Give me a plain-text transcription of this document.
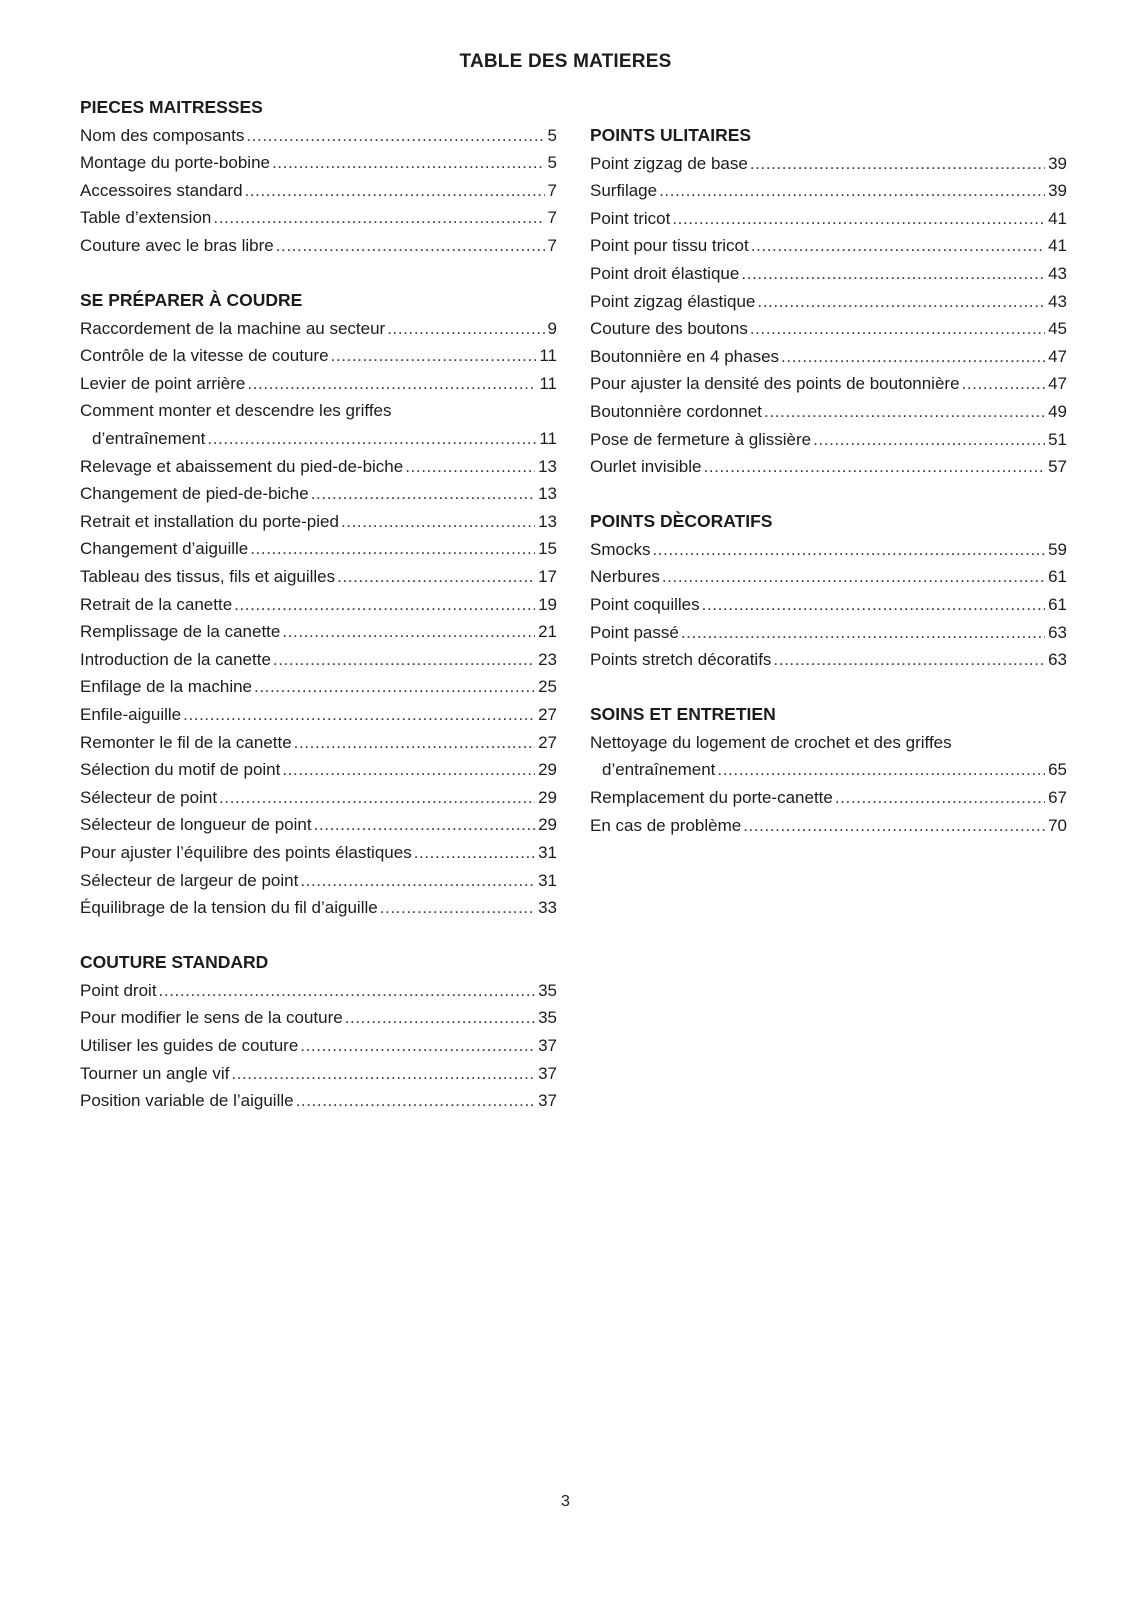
TABLE DES MATIERES
PIECES MAITRESSES
Nom des composants .....	5
Montage du porte-bobine .....	5
Accessoires standard .....	7
Table d’extension .....	7
Couture avec le bras libre .....	7
SE PRÉPARER À COUDRE
Raccordement de la machine au secteur .....	9
Contrôle de la vitesse de couture .....	11
Levier de point arrière .....	11
Comment monter et descendre les griffes
d’entraînement .....	11
Relevage et abaissement du pied-de-biche .....	13
Changement de pied-de-biche .....	13
Retrait et installation du porte-pied .....	13
Changement d’aiguille .....	15
Tableau des tissus, fils et aiguilles .....	17
Retrait de la canette .....	19
Remplissage de la canette .....	21
Introduction de la canette .....	23
Enfilage de la machine .....	25
Enfile-aiguille .....	27
Remonter le fil de la canette .....	27
Sélection du motif de point .....	29
Sélecteur de point .....	29
Sélecteur de longueur de point .....	29
Pour ajuster l’équilibre des points élastiques .....	31
Sélecteur de largeur de point .....	31
Équilibrage de la tension du fil d’aiguille .....	33
COUTURE STANDARD
Point droit .....	35
Pour modifier le sens de la couture .....	35
Utiliser les guides de couture .....	37
Tourner un angle vif .....	37
Position variable de l’aiguille .....	37
POINTS ULITAIRES
Point zigzag de base .....	39
Surfilage .....	39
Point tricot .....	41
Point pour tissu tricot .....	41
Point droit élastique .....	43
Point zigzag élastique .....	43
Couture des boutons .....	45
Boutonnière en 4 phases .....	47
Pour ajuster la densité des points de boutonnière .....	47
Boutonnière cordonnet .....	49
Pose de fermeture à glissière .....	51
Ourlet invisible .....	57
POINTS DÈCORATIFS
Smocks .....	59
Nerbures .....	61
Point coquilles .....	61
Point passé .....	63
Points stretch décoratifs .....	63
SOINS ET ENTRETIEN
Nettoyage du logement de crochet et des griffes
d’entraînement .....	65
Remplacement du porte-canette .....	67
En cas de problème .....	70
3
